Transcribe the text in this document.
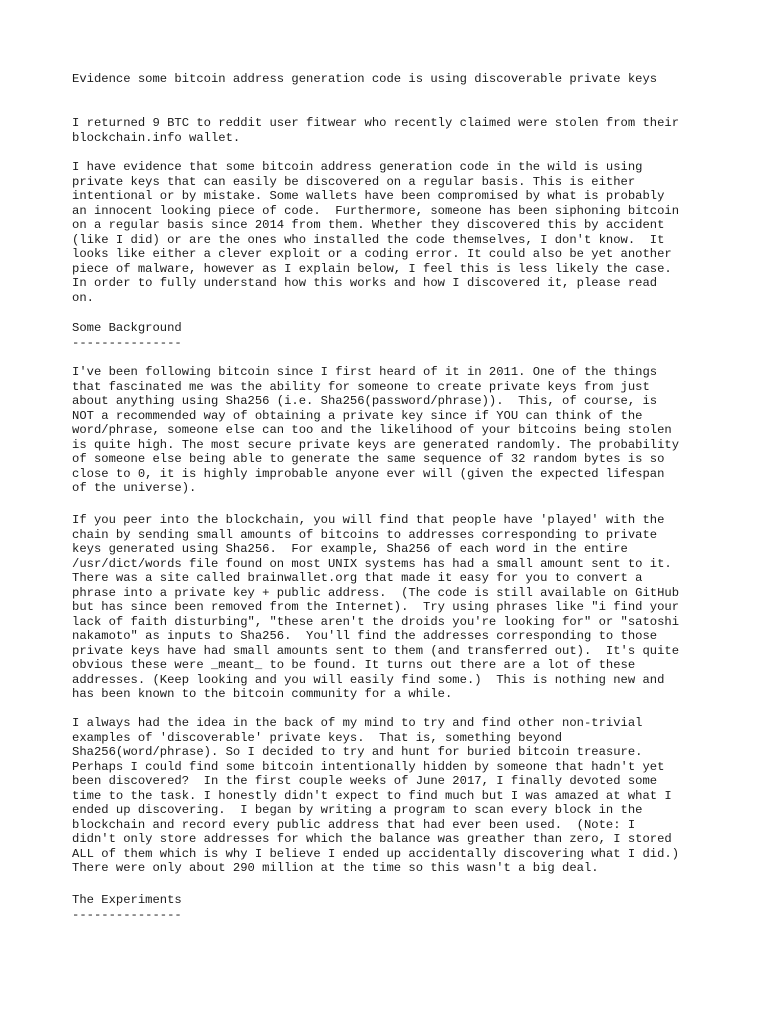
Evidence some bitcoin address generation code is using discoverable private keys

I returned 9 BTC to reddit user fitwear who recently claimed were stolen from their
blockchain.info wallet.

I have evidence that some bitcoin address generation code in the wild is using
private keys that can easily be discovered on a regular basis. This is either
intentional or by mistake. Some wallets have been compromised by what is probably
an innocent looking piece of code.  Furthermore, someone has been siphoning bitcoin
on a regular basis since 2014 from them. Whether they discovered this by accident
(like I did) or are the ones who installed the code themselves, I don't know.  It
looks like either a clever exploit or a coding error. It could also be yet another
piece of malware, however as I explain below, I feel this is less likely the case.
In order to fully understand how this works and how I discovered it, please read
on.

Some Background

---------------

I've been following bitcoin since I first heard of it in 2011. One of the things
that fascinated me was the ability for someone to create private keys from just
about anything using Sha256 (i.e. Sha256(password/phrase)).  This, of course, is
NOT a recommended way of obtaining a private key since if YOU can think of the
word/phrase, someone else can too and the likelihood of your bitcoins being stolen
is quite high. The most secure private keys are generated randomly. The probability
of someone else being able to generate the same sequence of 32 random bytes is so
close to 0, it is highly improbable anyone ever will (given the expected lifespan
of the universe).

If you peer into the blockchain, you will find that people have 'played' with the
chain by sending small amounts of bitcoins to addresses corresponding to private
keys generated using Sha256.  For example, Sha256 of each word in the entire
/usr/dict/words file found on most UNIX systems has had a small amount sent to it.
There was a site called brainwallet.org that made it easy for you to convert a
phrase into a private key + public address.  (The code is still available on GitHub
but has since been removed from the Internet).  Try using phrases like "i find your
lack of faith disturbing", "these aren't the droids you're looking for" or "satoshi
nakamoto" as inputs to Sha256.  You'll find the addresses corresponding to those
private keys have had small amounts sent to them (and transferred out).  It's quite
obvious these were _meant_ to be found. It turns out there are a lot of these
addresses. (Keep looking and you will easily find some.)  This is nothing new and
has been known to the bitcoin community for a while.

I always had the idea in the back of my mind to try and find other non-trivial
examples of 'discoverable' private keys.  That is, something beyond
Sha256(word/phrase). So I decided to try and hunt for buried bitcoin treasure.
Perhaps I could find some bitcoin intentionally hidden by someone that hadn't yet
been discovered?  In the first couple weeks of June 2017, I finally devoted some
time to the task. I honestly didn't expect to find much but I was amazed at what I
ended up discovering.  I began by writing a program to scan every block in the
blockchain and record every public address that had ever been used.  (Note: I
didn't only store addresses for which the balance was greather than zero, I stored
ALL of them which is why I believe I ended up accidentally discovering what I did.)
There were only about 290 million at the time so this wasn't a big deal.

The Experiments

---------------
